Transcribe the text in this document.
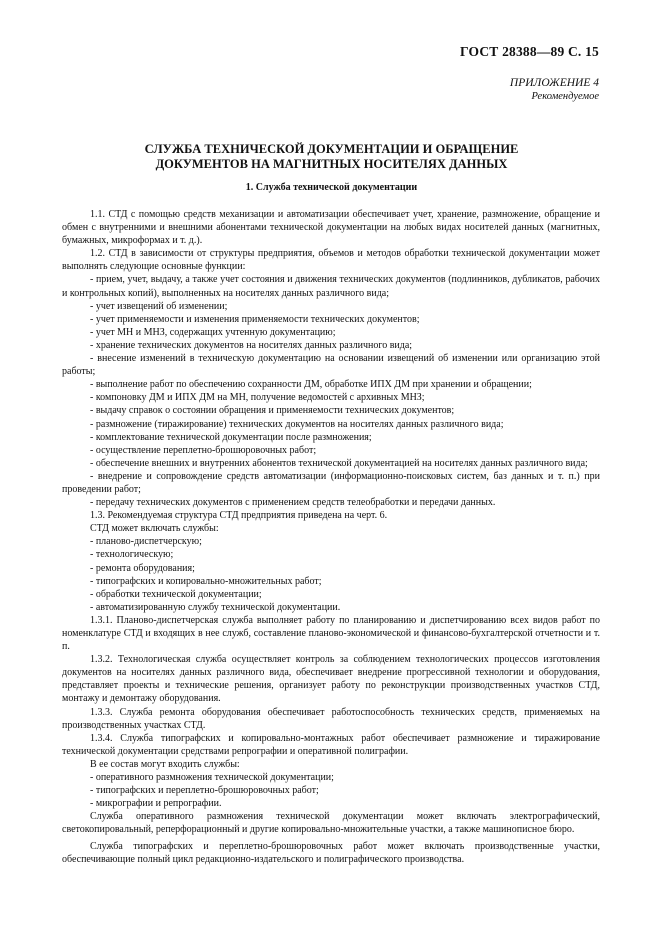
ГОСТ 28388—89 С. 15
ПРИЛОЖЕНИЕ 4
Рекомендуемое
СЛУЖБА ТЕХНИЧЕСКОЙ ДОКУМЕНТАЦИИ И ОБРАЩЕНИЕ
ДОКУМЕНТОВ НА МАГНИТНЫХ НОСИТЕЛЯХ ДАННЫХ
1. Служба технической документации

1.1. СТД с помощью средств механизации и автоматизации обеспечивает учет, хранение, размножение, обращение и обмен с внутренними и внешними абонентами технической документации на любых видах носителей данных (магнитных, бумажных, микроформах и т. д.).

1.2. СТД в зависимости от структуры предприятия, объемов и методов обработки технической документации может выполнять следующие основные функции:

- прием, учет, выдачу, а также учет состояния и движения технических документов (подлинников, дубликатов, рабочих и контрольных копий), выполненных на носителях данных различного вида;

- учет извещений об изменении;

- учет применяемости и изменения применяемости технических документов;

- учет МН и МНЗ, содержащих учтенную документацию;

- хранение технических документов на носителях данных различного вида;

- внесение изменений в техническую документацию на основании извещений об изменении или организацию этой работы;

- выполнение работ по обеспечению сохранности ДМ, обработке ИПХ ДМ при хранении и обращении;

- компоновку ДМ и ИПХ ДМ на МН, получение ведомостей с архивных МНЗ;

- выдачу справок о состоянии обращения и применяемости технических документов;

- размножение (тиражирование) технических документов на носителях данных различного вида;

- комплектование технической документации после размножения;

- осуществление переплетно-брошюровочных работ;

- обеспечение внешних и внутренних абонентов технической документацией на носителях данных различного вида;

- внедрение и сопровождение средств автоматизации (информационно-поисковых систем, баз данных и т. п.) при проведении работ;

- передачу технических документов с применением средств телеобработки и передачи данных.

1.3. Рекомендуемая структура СТД предприятия приведена на черт. 6.

СТД может включать службы:

- планово-диспетчерскую;

- технологическую;

- ремонта оборудования;

- типографских и копировально-множительных работ;

- обработки технической документации;

- автоматизированную службу технической документации.

1.3.1. Планово-диспетчерская служба выполняет работу по планированию и диспетчированию всех видов работ по номенклатуре СТД и входящих в нее служб, составление планово-экономической и финансово-бухгалтерской отчетности и т. п.

1.3.2. Технологическая служба осуществляет контроль за соблюдением технологических процессов изготовления документов на носителях данных различного вида, обеспечивает внедрение прогрессивной технологии и оборудования, представляет проекты и технические решения, организует работу по реконструкции производственных участков СТД, монтажу и демонтажу оборудования.

1.3.3. Служба ремонта оборудования обеспечивает работоспособность технических средств, применяемых на производственных участках СТД.

1.3.4. Служба типографских и копировально-монтажных работ обеспечивает размножение и тиражирование технической документации средствами репрографии и оперативной полиграфии.

В ее состав могут входить службы:

- оперативного размножения технической документации;

- типографских и переплетно-брошюровочных работ;

- микрографии и репрографии.

Служба оперативного размножения технической документации может включать электрографический, светокопировальный, реперфорационный и другие копировально-множительные участки, а также машинописное бюро.

Служба типографских и переплетно-брошюровочных работ может включать производственные участки, обеспечивающие полный цикл редакционно-издательского и полиграфического производства.
